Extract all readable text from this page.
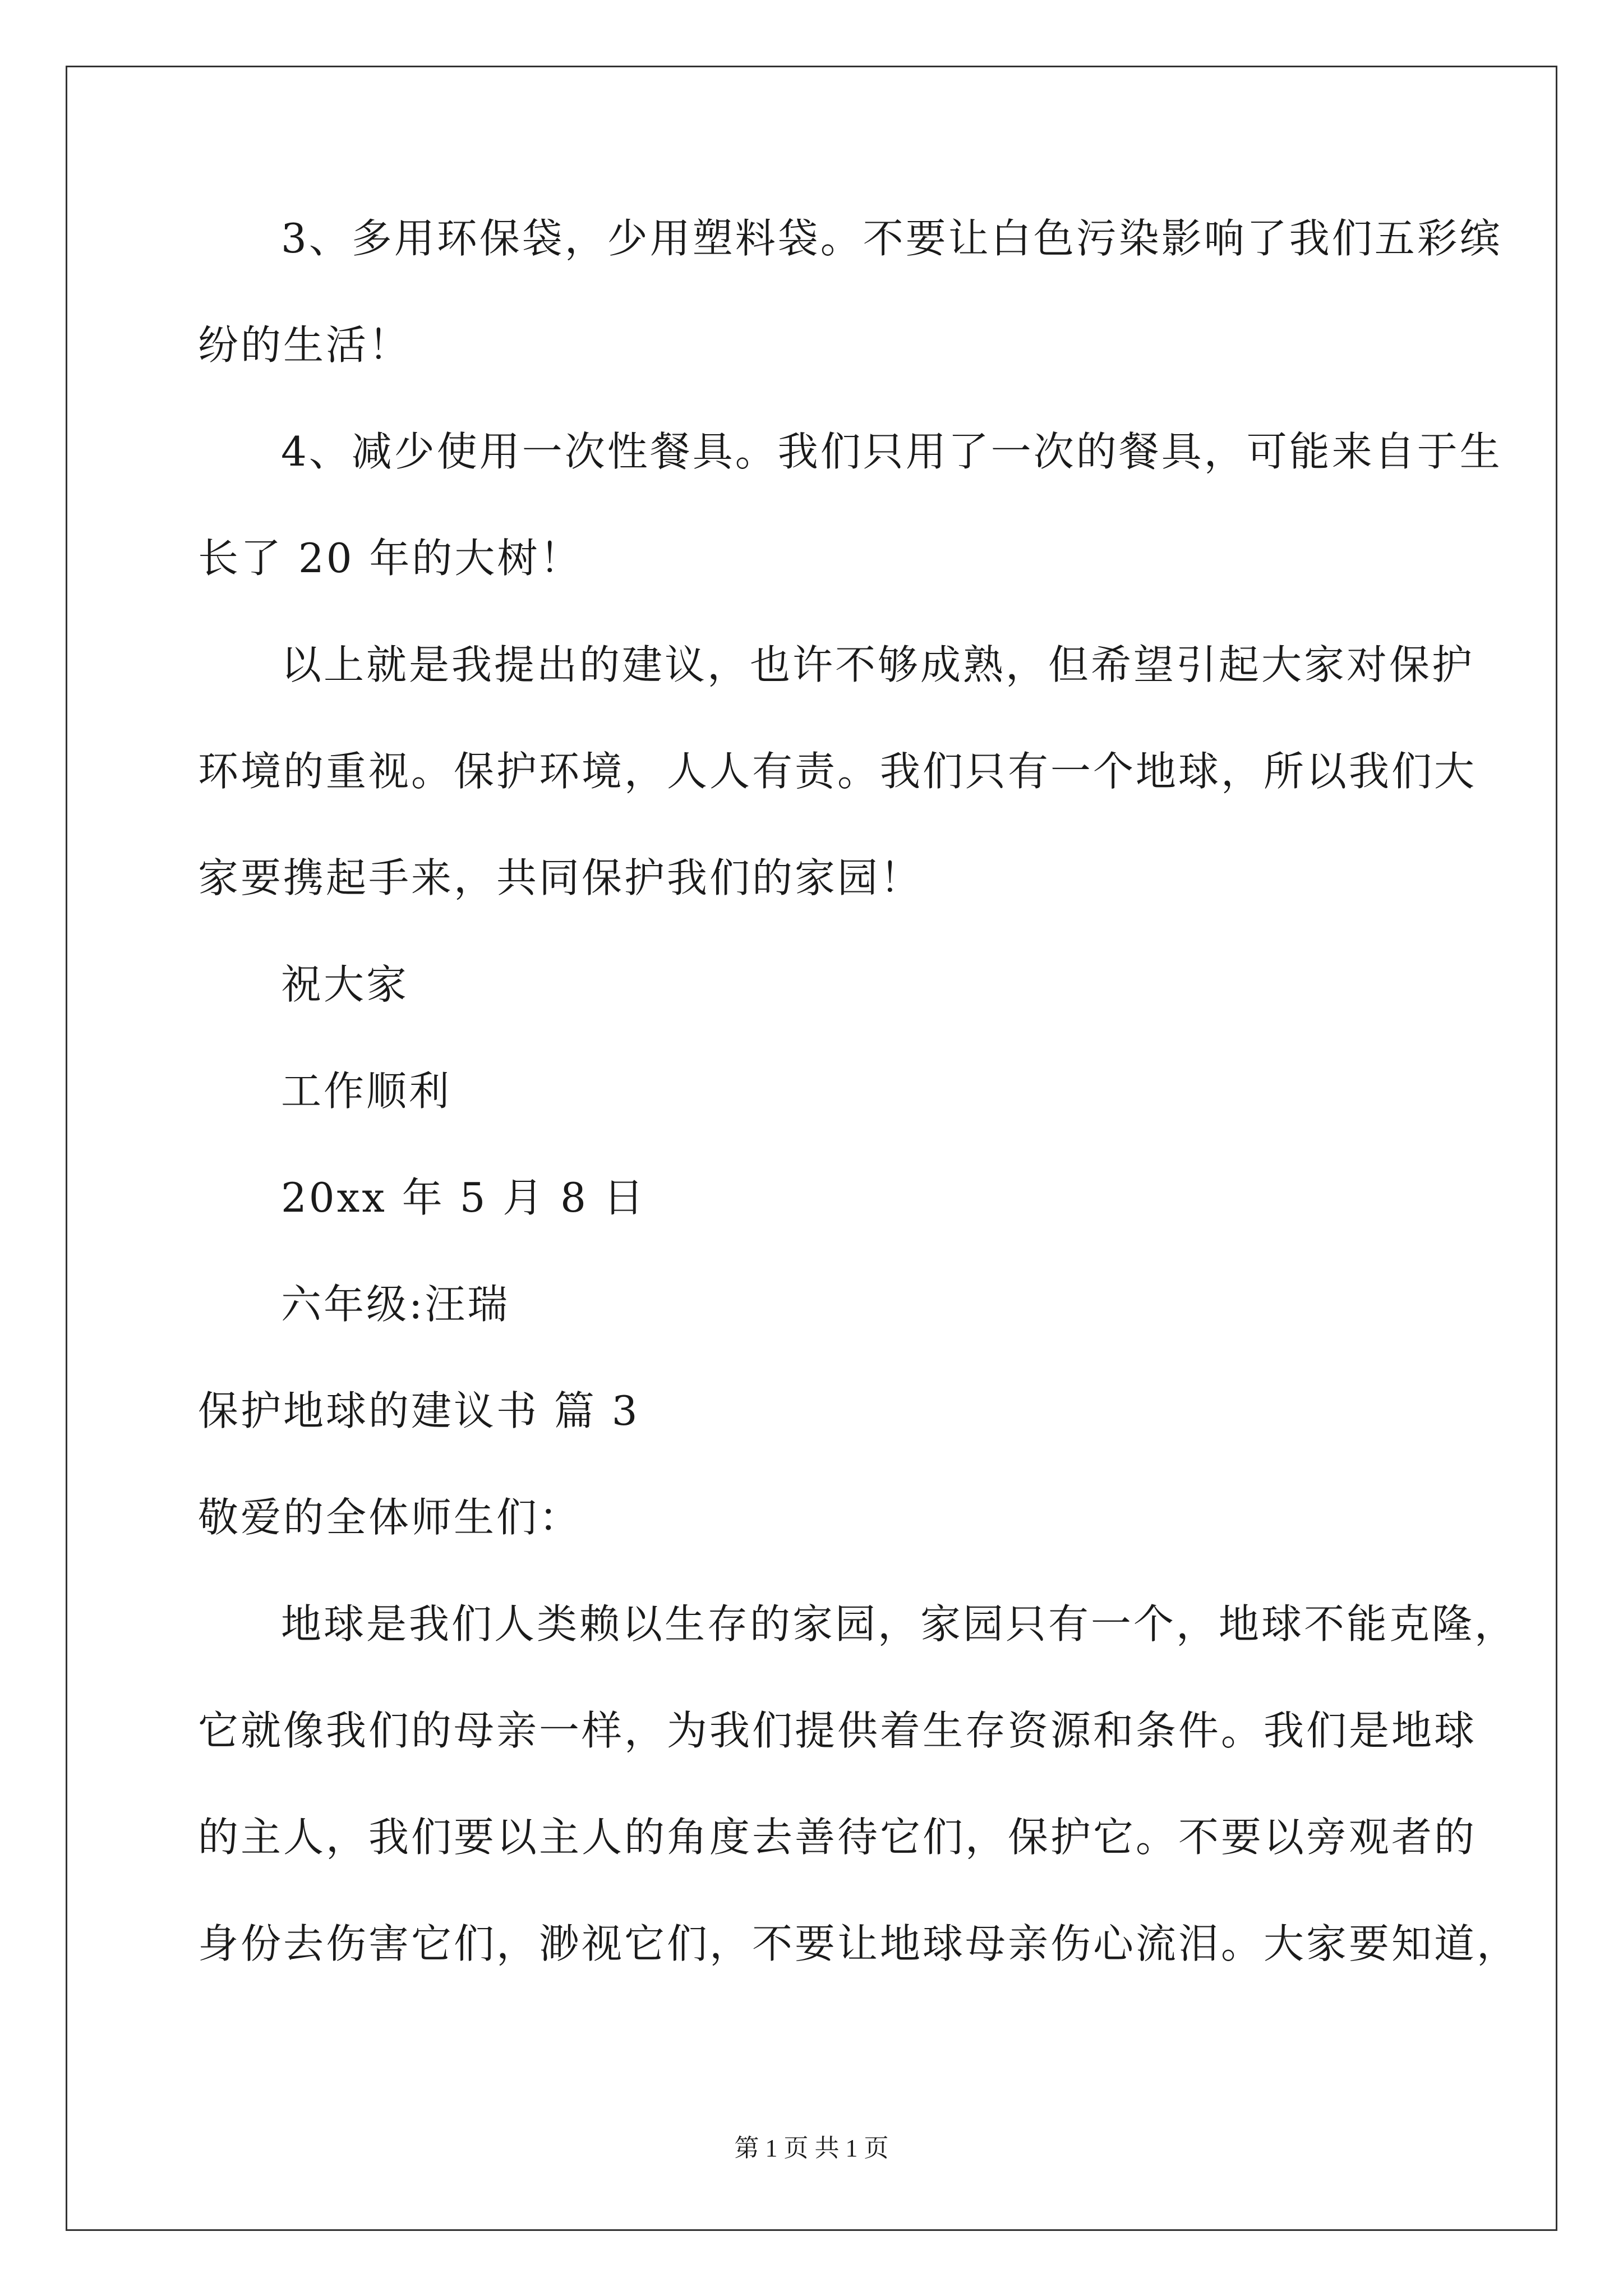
3、多用环保袋，少用塑料袋。不要让白色污染影响了我们五彩缤
纷的生活！
4、减少使用一次性餐具。我们只用了一次的餐具，可能来自于生
长了 20 年的大树！
以上就是我提出的建议，也许不够成熟，但希望引起大家对保护
环境的重视。保护环境，人人有责。我们只有一个地球，所以我们大
家要携起手来，共同保护我们的家园！
祝大家
工作顺利
20xx 年 5 月 8 日
六年级:汪瑞
保护地球的建议书 篇 3
敬爱的全体师生们：
地球是我们人类赖以生存的家园，家园只有一个，地球不能克隆，
它就像我们的母亲一样，为我们提供着生存资源和条件。我们是地球
的主人，我们要以主人的角度去善待它们，保护它。不要以旁观者的
身份去伤害它们，渺视它们，不要让地球母亲伤心流泪。大家要知道，
第 1 页 共 1 页
